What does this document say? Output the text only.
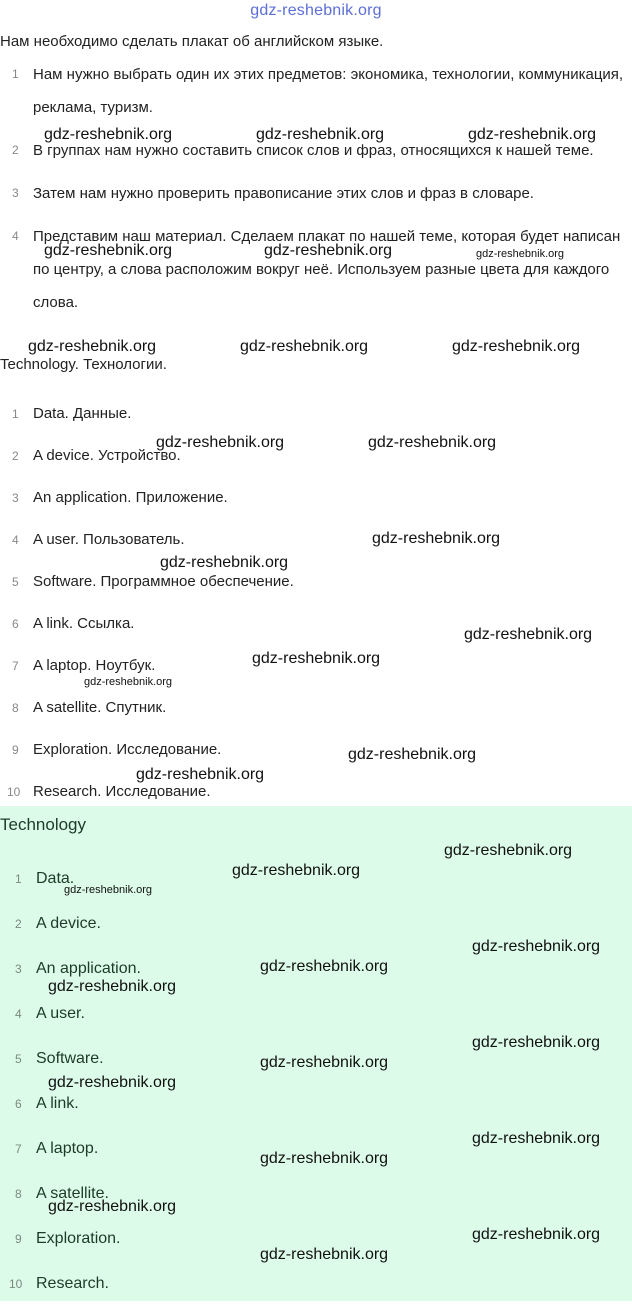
gdz-reshebnik.org
Нам необходимо сделать плакат об английском языке.
1 Нам нужно выбрать один их этих предметов: экономика, технологии, коммуникация, реклама, туризм.
2 В группах нам нужно составить список слов и фраз, относящихся к нашей теме.
3 Затем нам нужно проверить правописание этих слов и фраз в словаре.
4 Представим наш материал. Сделаем плакат по нашей теме, которая будет написан по центру, а слова расположим вокруг неё. Используем разные цвета для каждого слова.
Technology. Технологии.
1 Data. Данные.
2 A device. Устройство.
3 An application. Приложение.
4 A user. Пользователь.
5 Software. Программное обеспечение.
6 A link. Ссылка.
7 A laptop. Ноутбук.
8 A satellite. Спутник.
9 Exploration. Исследование.
10 Research. Исследование.
Technology
1 Data.
2 A device.
3 An application.
4 A user.
5 Software.
6 A link.
7 A laptop.
8 A satellite.
9 Exploration.
10 Research.
gdz-reshebnik.org	gdz-reshebnik.org	gdz-reshebnik.org
gdz-reshebnik.org	gdz-reshebnik.org	gdz-reshebnik.org
gdz-reshebnik.org	gdz-reshebnik.org	gdz-reshebnik.org
gdz-reshebnik.org	gdz-reshebnik.org
gdz-reshebnik.org
gdz-reshebnik.org
gdz-reshebnik.org
gdz-reshebnik.org
gdz-reshebnik.org
gdz-reshebnik.org
gdz-reshebnik.org
gdz-reshebnik.org
gdz-reshebnik.org
gdz-reshebnik.org
gdz-reshebnik.org
gdz-reshebnik.org
gdz-reshebnik.org
gdz-reshebnik.org
gdz-reshebnik.org
gdz-reshebnik.org
gdz-reshebnik.org
gdz-reshebnik.org
gdz-reshebnik.org
gdz-reshebnik.org
gdz-reshebnik.org
